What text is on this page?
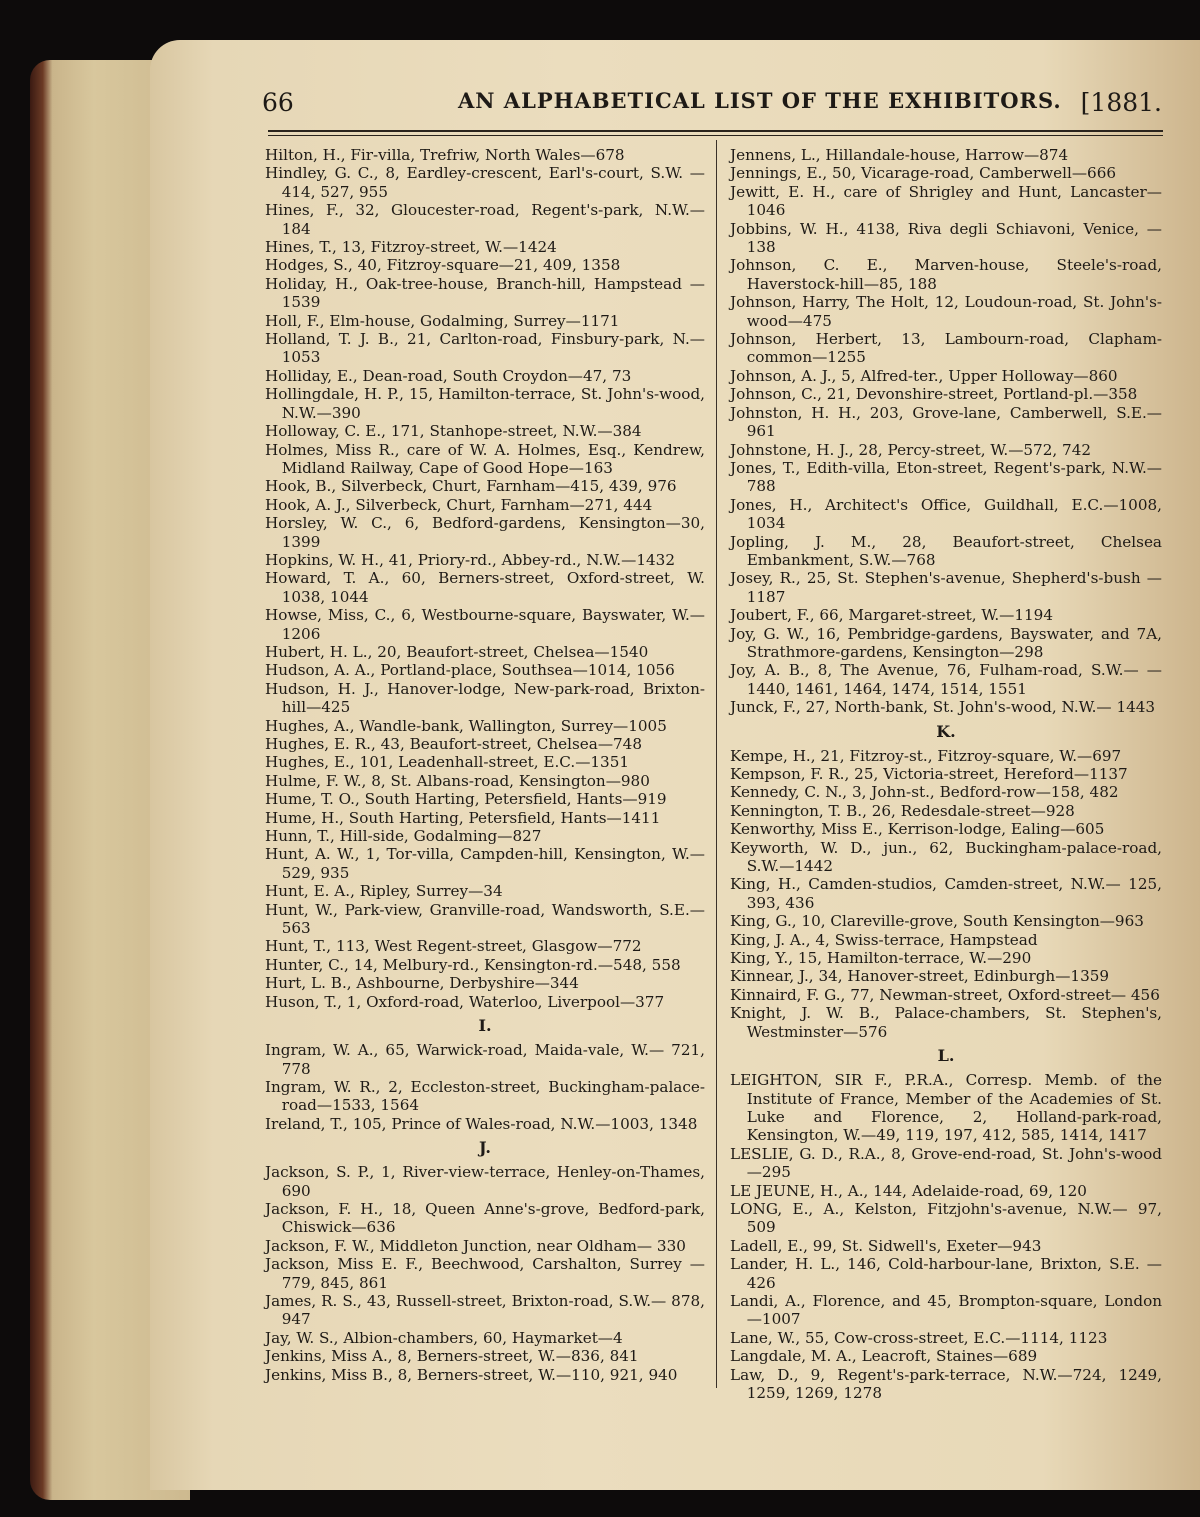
66	AN ALPHABETICAL LIST OF THE EXHIBITORS. [1881.
Hilton, H., Fir-villa, Trefriw, North Wales—678
Hindley, G. C., 8, Eardley-crescent, Earl's-court, S.W. —414, 527, 955
Hines, F., 32, Gloucester-road, Regent's-park, N.W.— 184
Hines, T., 13, Fitzroy-street, W.—1424
Hodges, S., 40, Fitzroy-square—21, 409, 1358
Holiday, H., Oak-tree-house, Branch-hill, Hampstead —1539
Holl, F., Elm-house, Godalming, Surrey—1171
Holland, T. J. B., 21, Carlton-road, Finsbury-park, N.—1053
Holliday, E., Dean-road, South Croydon—47, 73
Hollingdale, H. P., 15, Hamilton-terrace, St. John's-wood, N.W.—390
Holloway, C. E., 171, Stanhope-street, N.W.—384
Holmes, Miss R., care of W. A. Holmes, Esq., Kendrew, Midland Railway, Cape of Good Hope—163
Hook, B., Silverbeck, Churt, Farnham—415, 439, 976
Hook, A. J., Silverbeck, Churt, Farnham—271, 444
Horsley, W. C., 6, Bedford-gardens, Kensington—30, 1399
Hopkins, W. H., 41, Priory-rd., Abbey-rd., N.W.—1432
Howard, T. A., 60, Berners-street, Oxford-street, W. 1038, 1044
Howse, Miss, C., 6, Westbourne-square, Bayswater, W.—1206
Hubert, H. L., 20, Beaufort-street, Chelsea—1540
Hudson, A. A., Portland-place, Southsea—1014, 1056
Hudson, H. J., Hanover-lodge, New-park-road, Brixton-hill—425
Hughes, A., Wandle-bank, Wallington, Surrey—1005
Hughes, E. R., 43, Beaufort-street, Chelsea—748
Hughes, E., 101, Leadenhall-street, E.C.—1351
Hulme, F. W., 8, St. Albans-road, Kensington—980
Hume, T. O., South Harting, Petersfield, Hants—919
Hume, H., South Harting, Petersfield, Hants—1411
Hunn, T., Hill-side, Godalming—827
Hunt, A. W., 1, Tor-villa, Campden-hill, Kensington, W.—529, 935
Hunt, E. A., Ripley, Surrey—34
Hunt, W., Park-view, Granville-road, Wandsworth, S.E.—563
Hunt, T., 113, West Regent-street, Glasgow—772
Hunter, C., 14, Melbury-rd., Kensington-rd.—548, 558
Hurt, L. B., Ashbourne, Derbyshire—344
Huson, T., 1, Oxford-road, Waterloo, Liverpool—377
I.
Ingram, W. A., 65, Warwick-road, Maida-vale, W.— 721, 778
Ingram, W. R., 2, Eccleston-street, Buckingham-palace-road—1533, 1564
Ireland, T., 105, Prince of Wales-road, N.W.—1003, 1348
J.
Jackson, S. P., 1, River-view-terrace, Henley-on-Thames, 690
Jackson, F. H., 18, Queen Anne's-grove, Bedford-park, Chiswick—636
Jackson, F. W., Middleton Junction, near Oldham— 330
Jackson, Miss E. F., Beechwood, Carshalton, Surrey —779, 845, 861
James, R. S., 43, Russell-street, Brixton-road, S.W.— 878, 947
Jay, W. S., Albion-chambers, 60, Haymarket—4
Jenkins, Miss A., 8, Berners-street, W.—836, 841
Jenkins, Miss B., 8, Berners-street, W.—110, 921, 940
Jennens, L., Hillandale-house, Harrow—874
Jennings, E., 50, Vicarage-road, Camberwell—666
Jewitt, E. H., care of Shrigley and Hunt, Lancaster— 1046
Jobbins, W. H., 4138, Riva degli Schiavoni, Venice, —138
Johnson, C. E., Marven-house, Steele's-road, Haverstock-hill—85, 188
Johnson, Harry, The Holt, 12, Loudoun-road, St. John's-wood—475
Johnson, Herbert, 13, Lambourn-road, Clapham-common—1255
Johnson, A. J., 5, Alfred-ter., Upper Holloway—860
Johnson, C., 21, Devonshire-street, Portland-pl.—358
Johnston, H. H., 203, Grove-lane, Camberwell, S.E.— 961
Johnstone, H. J., 28, Percy-street, W.—572, 742
Jones, T., Edith-villa, Eton-street, Regent's-park, N.W.—788
Jones, H., Architect's Office, Guildhall, E.C.—1008, 1034
Jopling, J. M., 28, Beaufort-street, Chelsea Embankment, S.W.—768
Josey, R., 25, St. Stephen's-avenue, Shepherd's-bush —1187
Joubert, F., 66, Margaret-street, W.—1194
Joy, G. W., 16, Pembridge-gardens, Bayswater, and 7A, Strathmore-gardens, Kensington—298
Joy, A. B., 8, The Avenue, 76, Fulham-road, S.W.— —1440, 1461, 1464, 1474, 1514, 1551
Junck, F., 27, North-bank, St. John's-wood, N.W.— 1443
K.
Kempe, H., 21, Fitzroy-st., Fitzroy-square, W.—697
Kempson, F. R., 25, Victoria-street, Hereford—1137
Kennedy, C. N., 3, John-st., Bedford-row—158, 482
Kennington, T. B., 26, Redesdale-street—928
Kenworthy, Miss E., Kerrison-lodge, Ealing—605
Keyworth, W. D., jun., 62, Buckingham-palace-road, S.W.—1442
King, H., Camden-studios, Camden-street, N.W.— 125, 393, 436
King, G., 10, Clareville-grove, South Kensington—963
King, J. A., 4, Swiss-terrace, Hampstead
King, Y., 15, Hamilton-terrace, W.—290
Kinnear, J., 34, Hanover-street, Edinburgh—1359
Kinnaird, F. G., 77, Newman-street, Oxford-street— 456
Knight, J. W. B., Palace-chambers, St. Stephen's, Westminster—576
L.
LEIGHTON, SIR F., P.R.A., Corresp. Memb. of the Institute of France, Member of the Academies of St. Luke and Florence, 2, Holland-park-road, Kensington, W.—49, 119, 197, 412, 585, 1414, 1417
LESLIE, G. D., R.A., 8, Grove-end-road, St. John's-wood—295
LE JEUNE, H., A., 144, Adelaide-road, 69, 120
LONG, E., A., Kelston, Fitzjohn's-avenue, N.W.— 97, 509
Ladell, E., 99, St. Sidwell's, Exeter—943
Lander, H. L., 146, Cold-harbour-lane, Brixton, S.E. —426
Landi, A., Florence, and 45, Brompton-square, London —1007
Lane, W., 55, Cow-cross-street, E.C.—1114, 1123
Langdale, M. A., Leacroft, Staines—689
Law, D., 9, Regent's-park-terrace, N.W.—724, 1249, 1259, 1269, 1278
